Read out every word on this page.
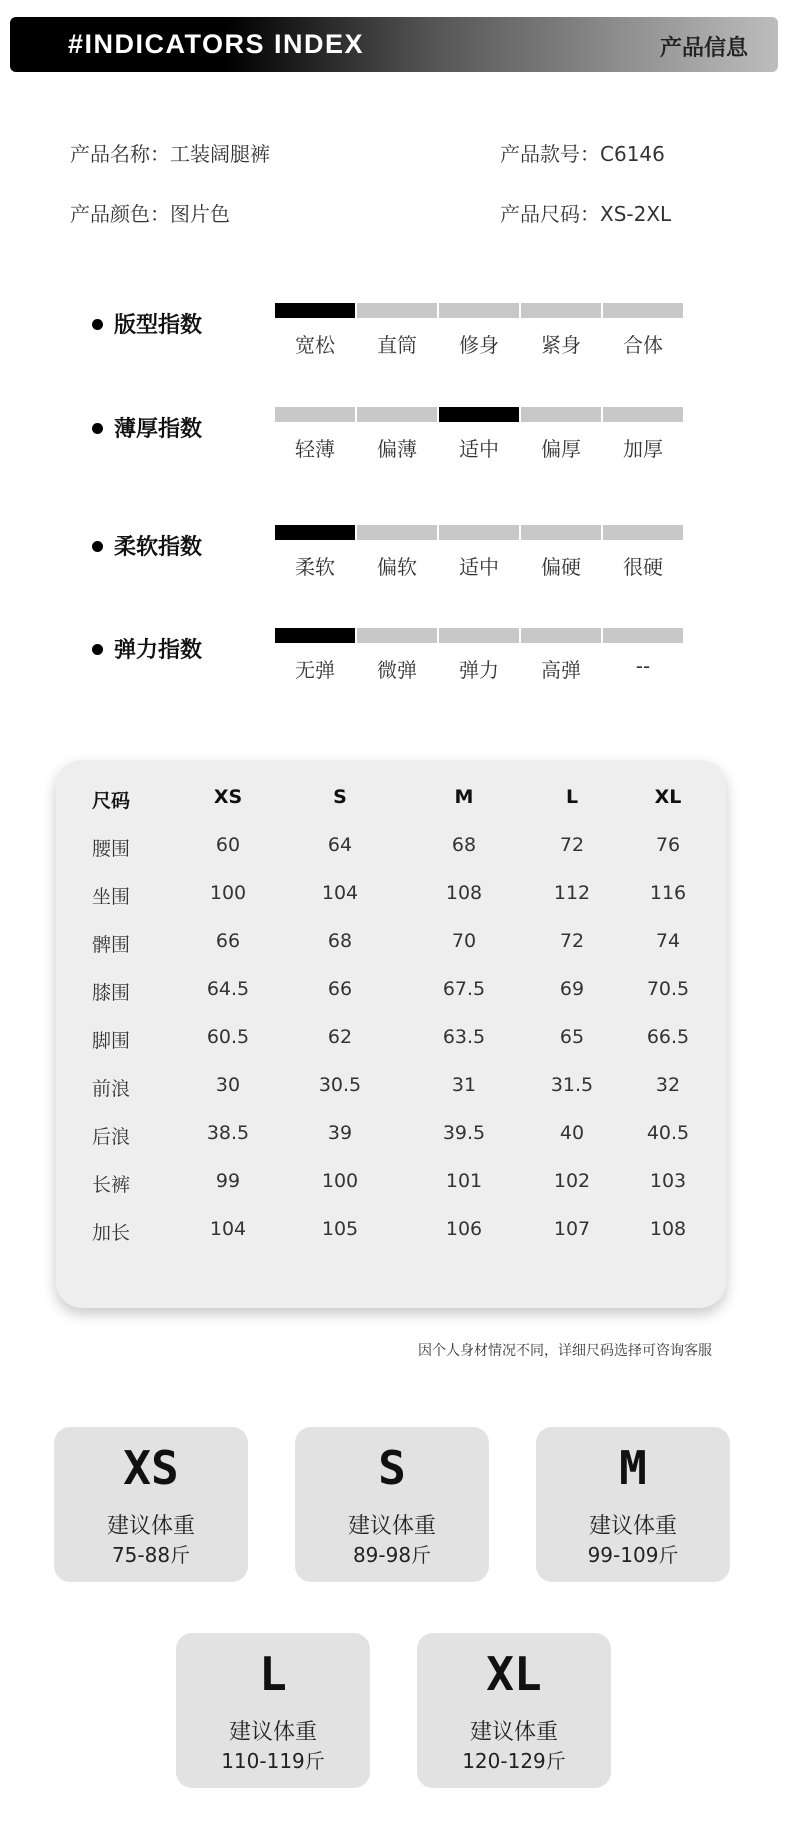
#INDICATORS INDEX	产品信息
产品名称：工装阔腿裤	产品款号：C6146
产品颜色：图片色	产品尺码：XS-2XL
版型指数
宽松	直筒	修身	紧身	合体
薄厚指数
轻薄	偏薄	适中	偏厚	加厚
柔软指数
柔软	偏软	适中	偏硬	很硬
弹力指数
无弹	微弹	弹力	高弹	--
尺码	XS	S	M	L	XL
腰围	60	64	68	72	76
坐围	100	104	108	112	116
髀围	66	68	70	72	74
膝围	64.5	66	67.5	69	70.5
脚围	60.5	62	63.5	65	66.5
前浪	30	30.5	31	31.5	32
后浪	38.5	39	39.5	40	40.5
长裤	99	100	101	102	103
加长	104	105	106	107	108
因个人身材情况不同，详细尺码选择可咨询客服
XS
建议体重
75-88斤
S
建议体重
89-98斤
M
建议体重
99-109斤
L
建议体重
110-119斤
XL
建议体重
120-129斤
